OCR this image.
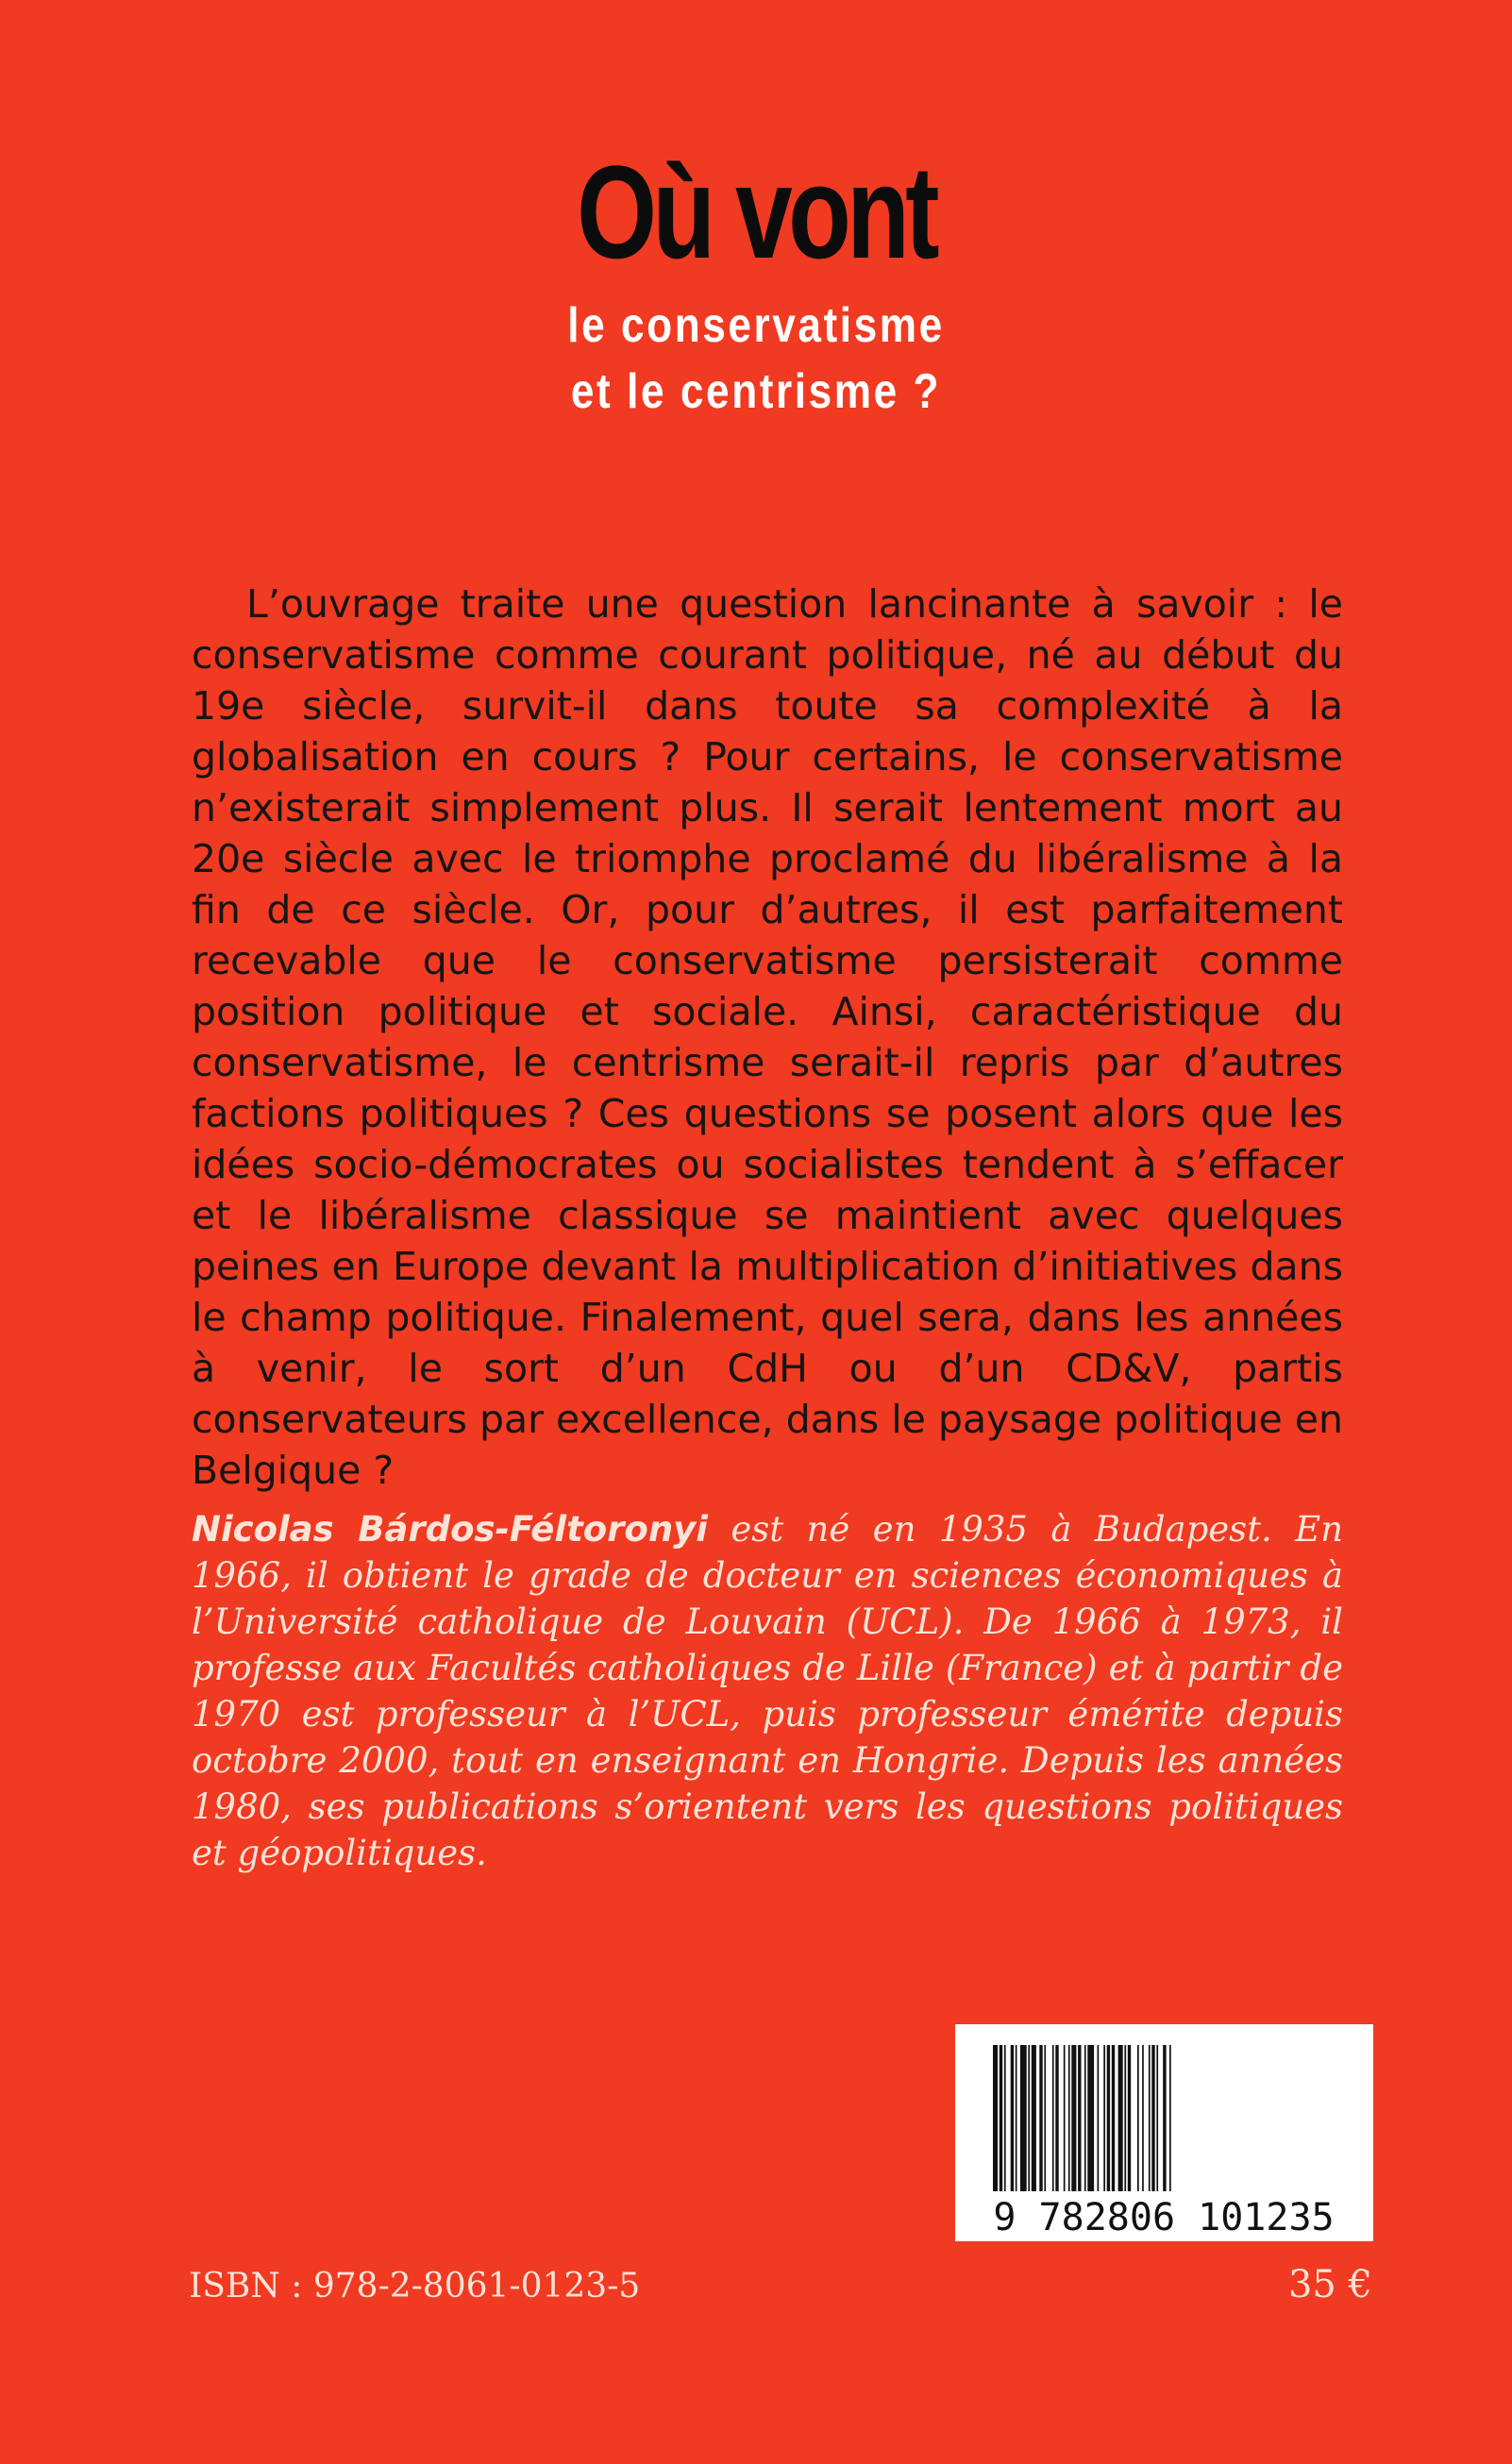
Où vont
le conservatisme
et le centrisme ?

L’ouvrage traite une question lancinante à savoir : le conservatisme comme courant politique, né au début du 19e siècle, survit-il dans toute sa complexité à la globalisation en cours ? Pour certains, le conservatisme n’existerait simplement plus. Il serait lentement mort au 20e siècle avec le triomphe proclamé du libéralisme à la fin de ce siècle. Or, pour d’autres, il est parfaitement recevable que le conservatisme persisterait comme position politique et sociale. Ainsi, caractéristique du conservatisme, le centrisme serait-il repris par d’autres factions politiques ? Ces questions se posent alors que les idées socio-démocrates ou socialistes tendent à s’effacer et le libéralisme classique se maintient avec quelques peines en Europe devant la multiplication d’initiatives dans le champ politique. Finalement, quel sera, dans les années à venir, le sort d’un CdH ou d’un CD&V, partis conservateurs par excellence, dans le paysage politique en Belgique ?

Nicolas Bárdos-Féltoronyi est né en 1935 à Budapest. En 1966, il obtient le grade de docteur en sciences économiques à l’Université catholique de Louvain (UCL). De 1966 à 1973, il professe aux Facultés catholiques de Lille (France) et à partir de 1970 est professeur à l’UCL, puis professeur émérite depuis octobre 2000, tout en enseignant en Hongrie. Depuis les années 1980, ses publications s’orientent vers les questions politiques et géopolitiques.

9 782806 101235
ISBN : 978-2-8061-0123-5	35 €
